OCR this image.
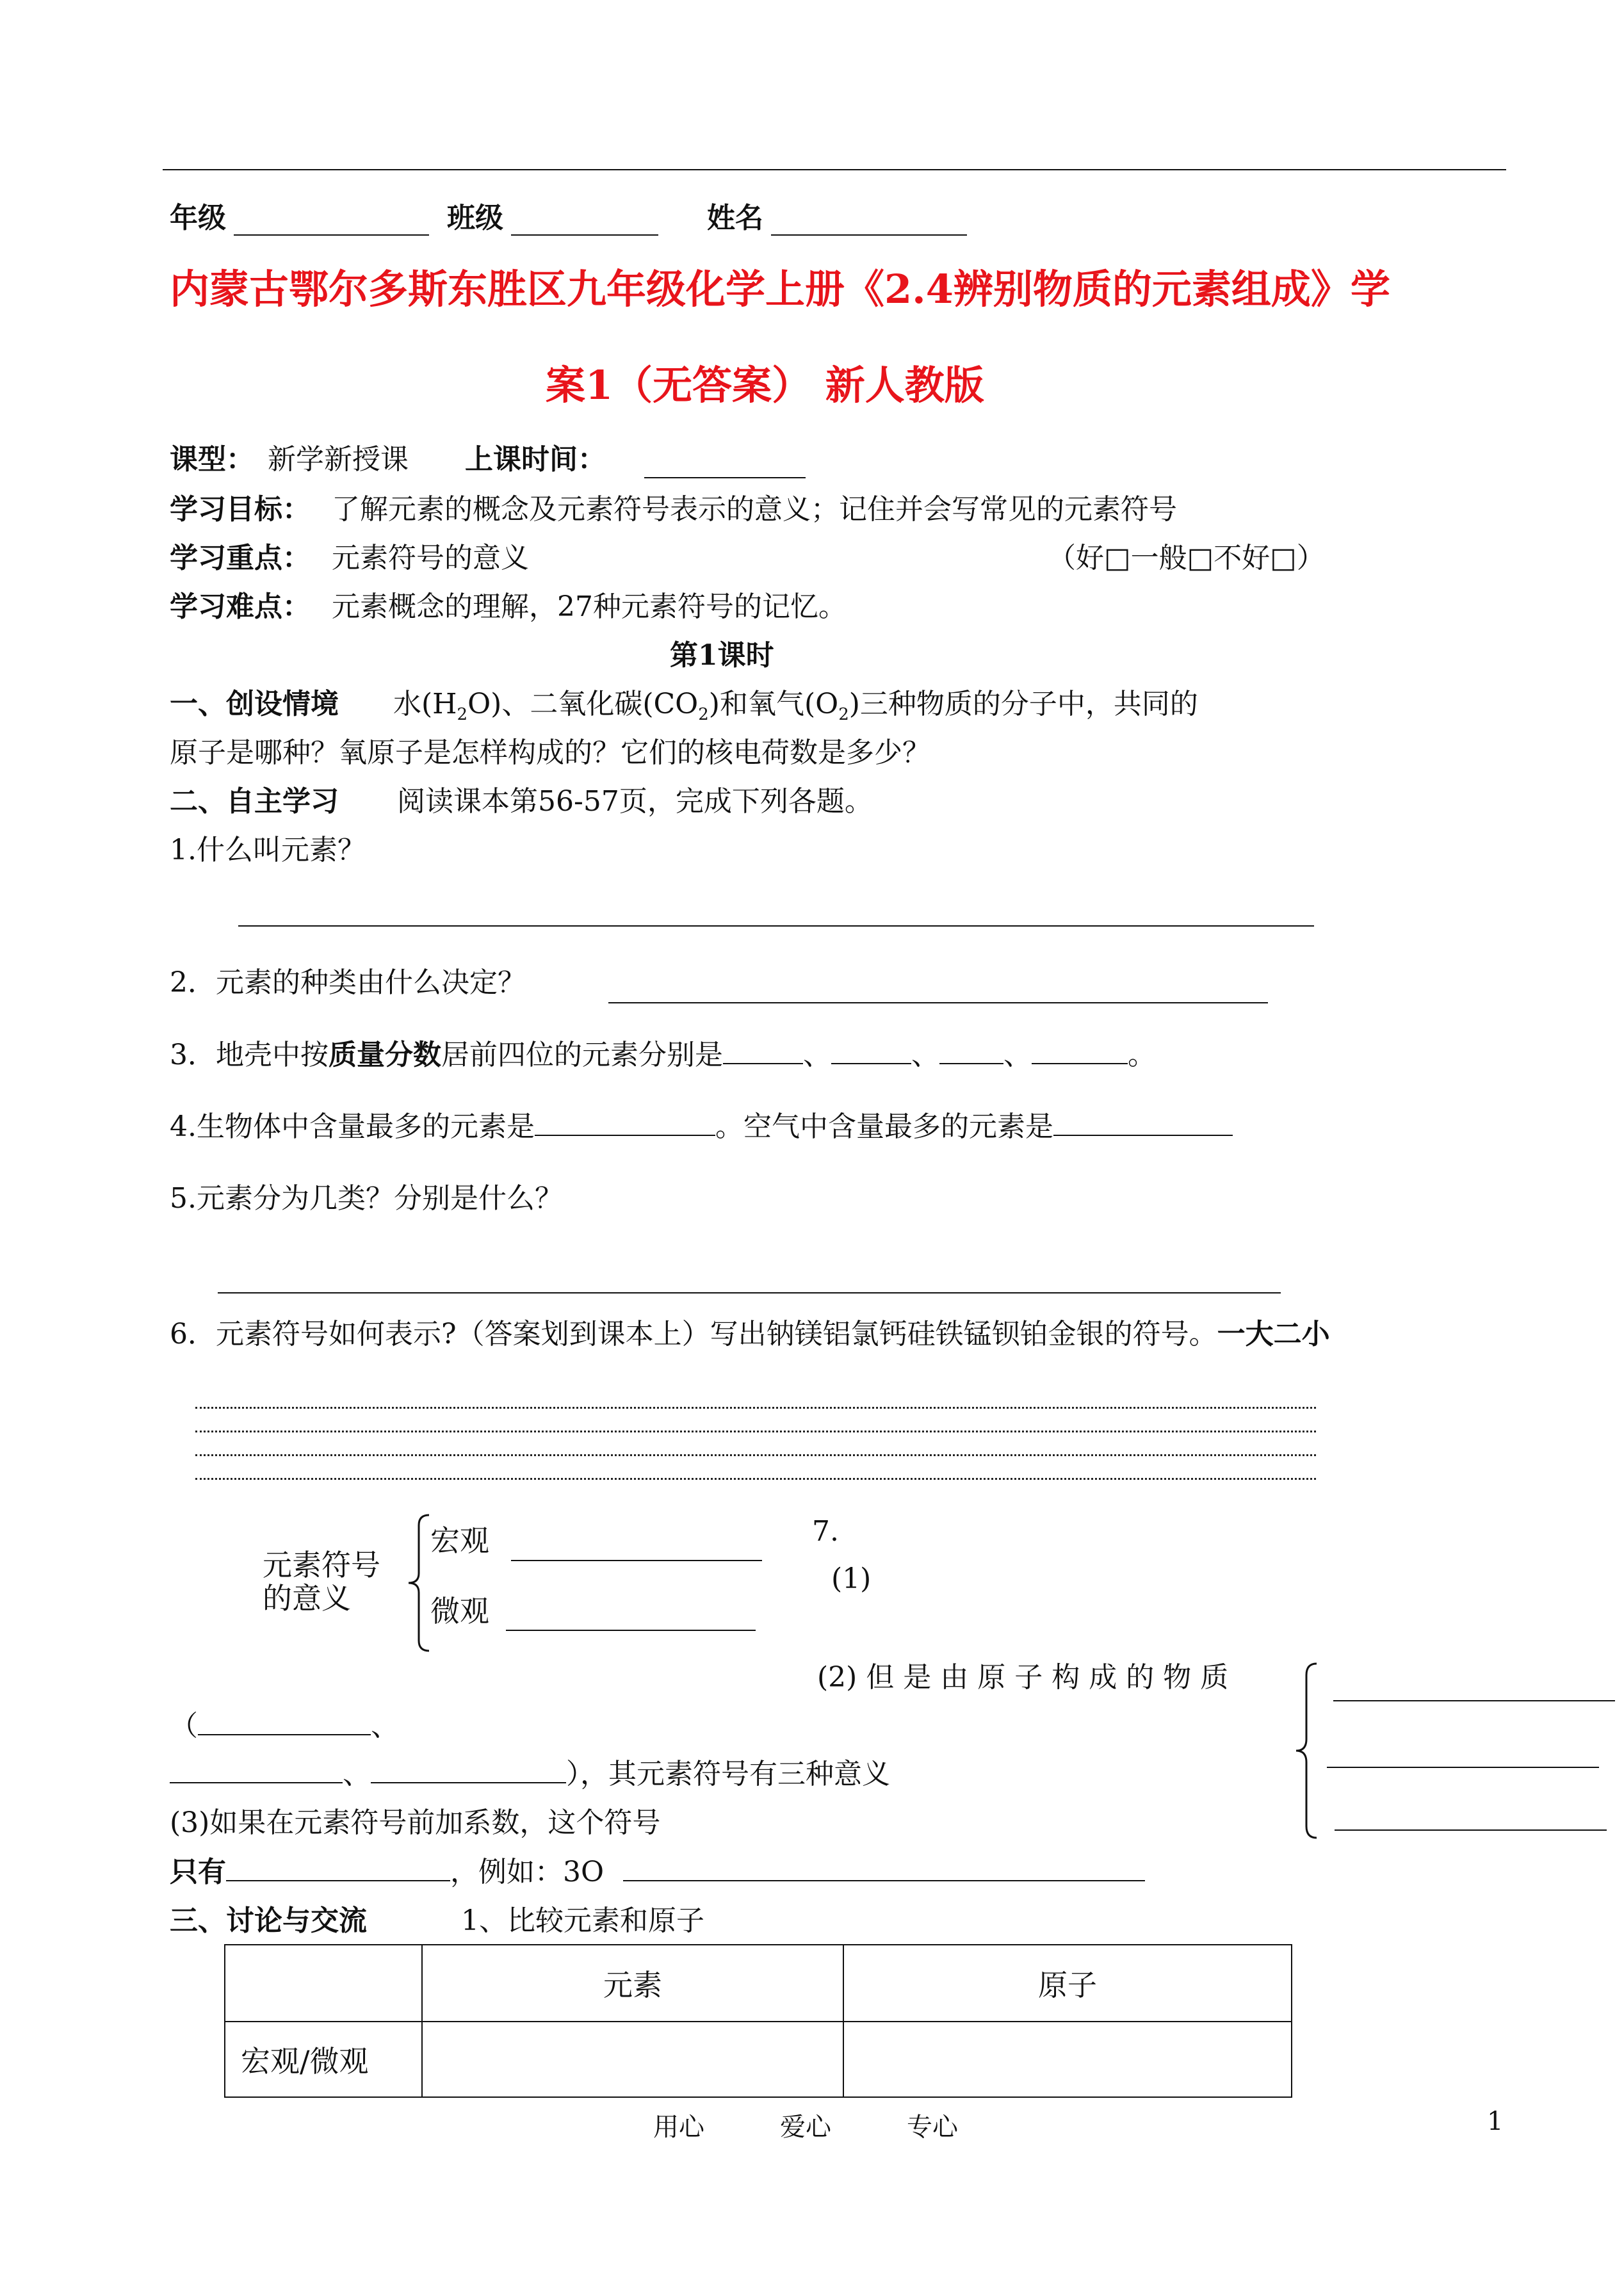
年级	班级	姓名
内蒙古鄂尔多斯东胜区九年级化学上册《2.4辨别物质的元素组成》学
案1（无答案） 新人教版
课型： 新学新授课 上课时间：
学习目标： 了解元素的概念及元素符号表示的意义；记住并会写常见的元素符号
学习重点： 元素符号的意义	（好□一般□不好□）
学习难点： 元素概念的理解，27种元素符号的记忆。
第1课时
一、创设情境 水$(H_2O)$、二氧化碳$(CO_2)$和氧气$(O_2)$三种物质的分子中，共同的
原子是哪种？氧原子是怎样构成的？它们的核电荷数是多少？
二、自主学习 阅读课本第56-57页，完成下列各题。
1.什么叫元素？
2．元素的种类由什么决定？
3．地壳中按质量分数居前四位的元素分别是	、	、 、	。
4.生物体中含量最多的元素是	。空气中含量最多的元素是
5.元素分为几类？分别是什么？
6．元素符号如何表示?（答案划到课本上）写出钠镁铝氯钙硅铁锰钡铂金银的符号。一大二小
元素符号
的意义
宏观
微观
7.
(1)
(2) 但 是 由 原 子 构 成 的 物 质
（	、
、	），其元素符号有三种意义
(3)如果在元素符号前加系数，这个符号
只有	，例如：3O
三、讨论与交流	1、比较元素和原子
	元素	原子
宏观/微观		
用心	爱心	专心	1
